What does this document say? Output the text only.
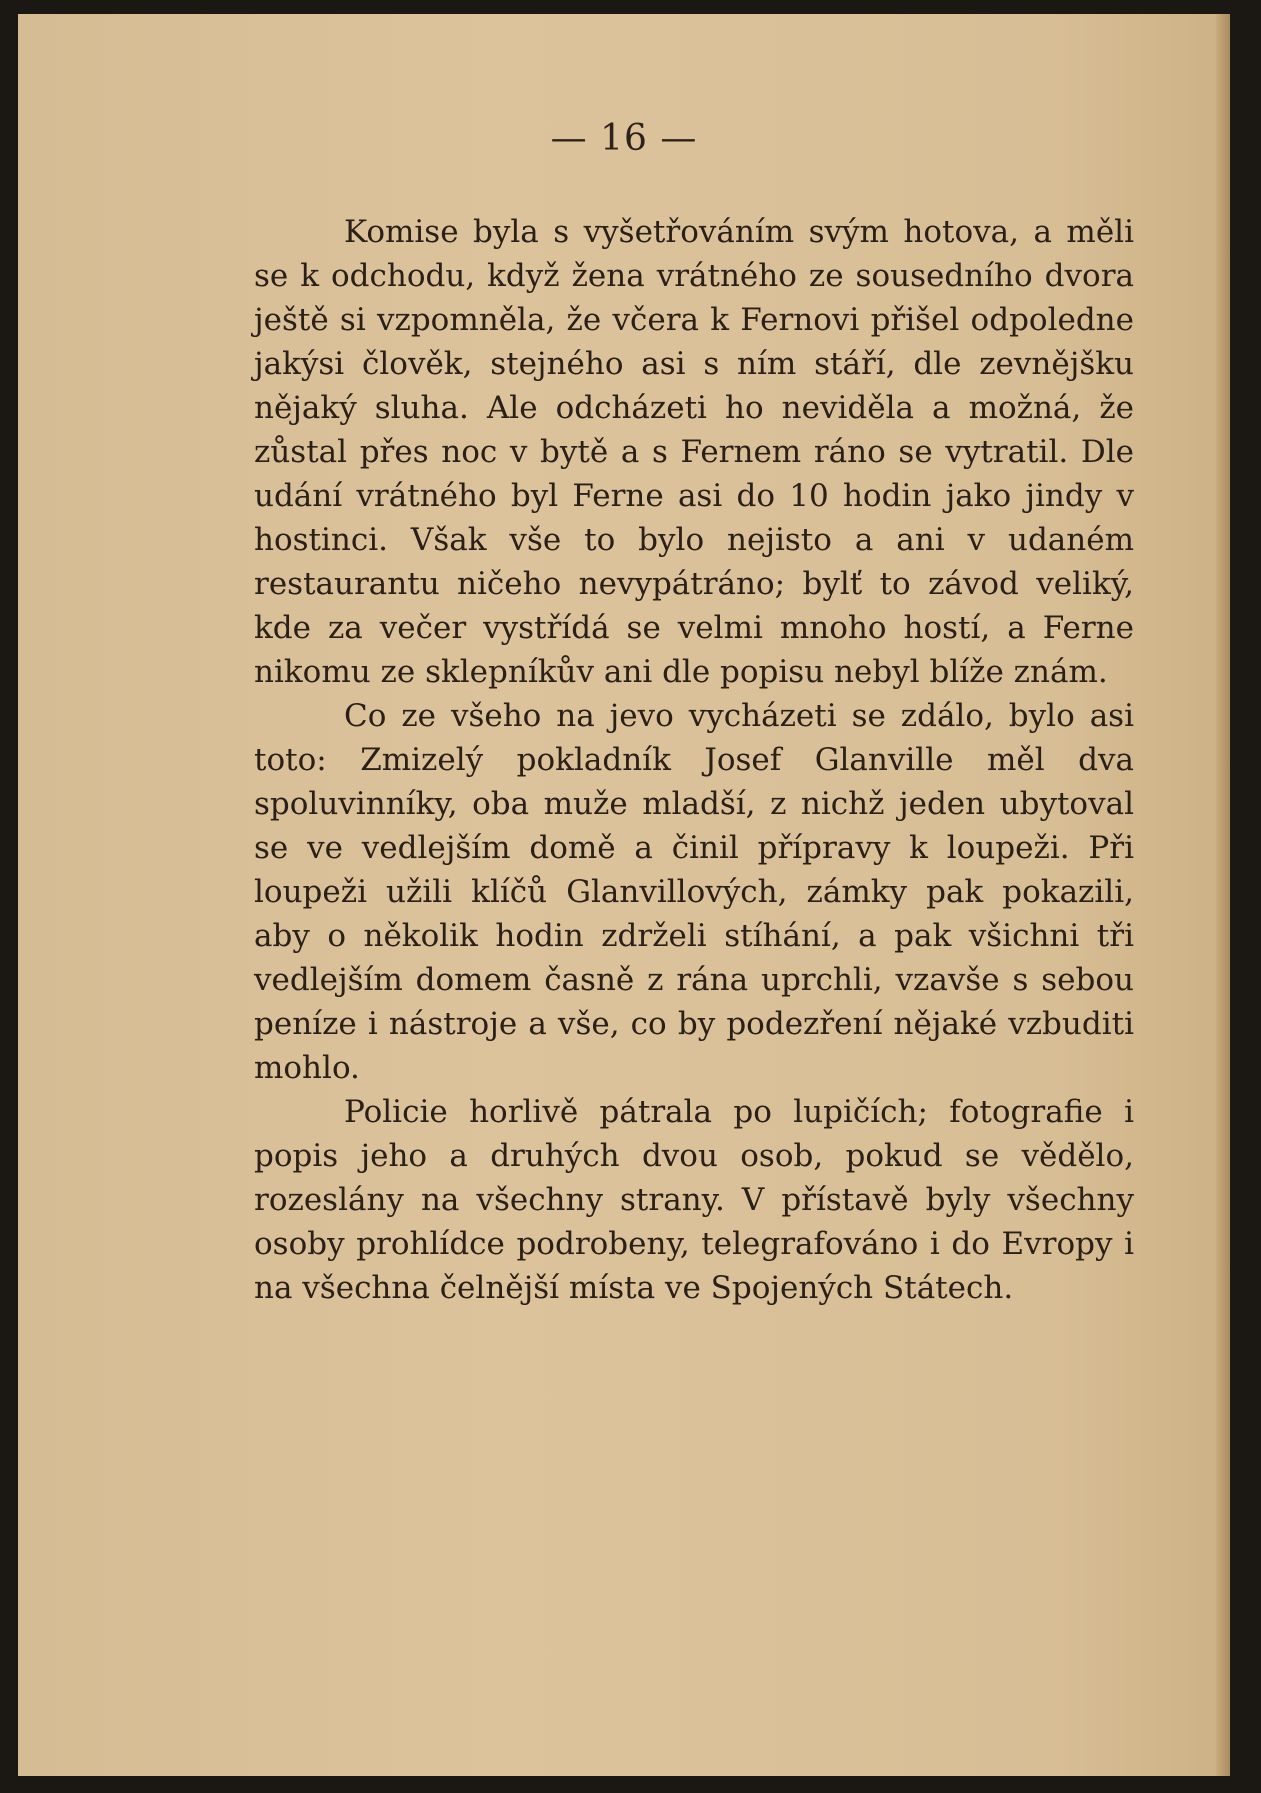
— 16 —

Komise byla s vyšetřováním svým hotova, a měli se k odchodu, když žena vrátného ze sousedního dvora ještě si vzpomněla, že včera k Fernovi přišel odpoledne jakýsi člověk, stejného asi s ním stáří, dle zevnějšku nějaký sluha. Ale odcházeti ho neviděla a možná, že zůstal přes noc v bytě a s Fernem ráno se vytratil. Dle udání vrátného byl Ferne asi do 10 hodin jako jindy v hostinci. Však vše to bylo nejisto a ani v udaném restaurantu ničeho nevypátráno; bylť to závod veliký, kde za večer vystřídá se velmi mnoho hostí, a Ferne nikomu ze sklepníkův ani dle popisu nebyl blíže znám.

Co ze všeho na jevo vycházeti se zdálo, bylo asi toto: Zmizelý pokladník Josef Glanville měl dva spoluvinníky, oba muže mladší, z nichž jeden ubytoval se ve vedlejším domě a činil přípravy k loupeži. Při loupeži užili klíčů Glanvillových, zámky pak pokazili, aby o několik hodin zdrželi stíhání, a pak všichni tři vedlejším domem časně z rána uprchli, vzavše s sebou peníze i nástroje a vše, co by podezření nějaké vzbuditi mohlo.

Policie horlivě pátrala po lupičích; fotografie i popis jeho a druhých dvou osob, pokud se vědělo, rozeslány na všechny strany. V přístavě byly všechny osoby prohlídce podrobeny, telegrafováno i do Evropy i na všechna čelnější místa ve Spojených Státech.
